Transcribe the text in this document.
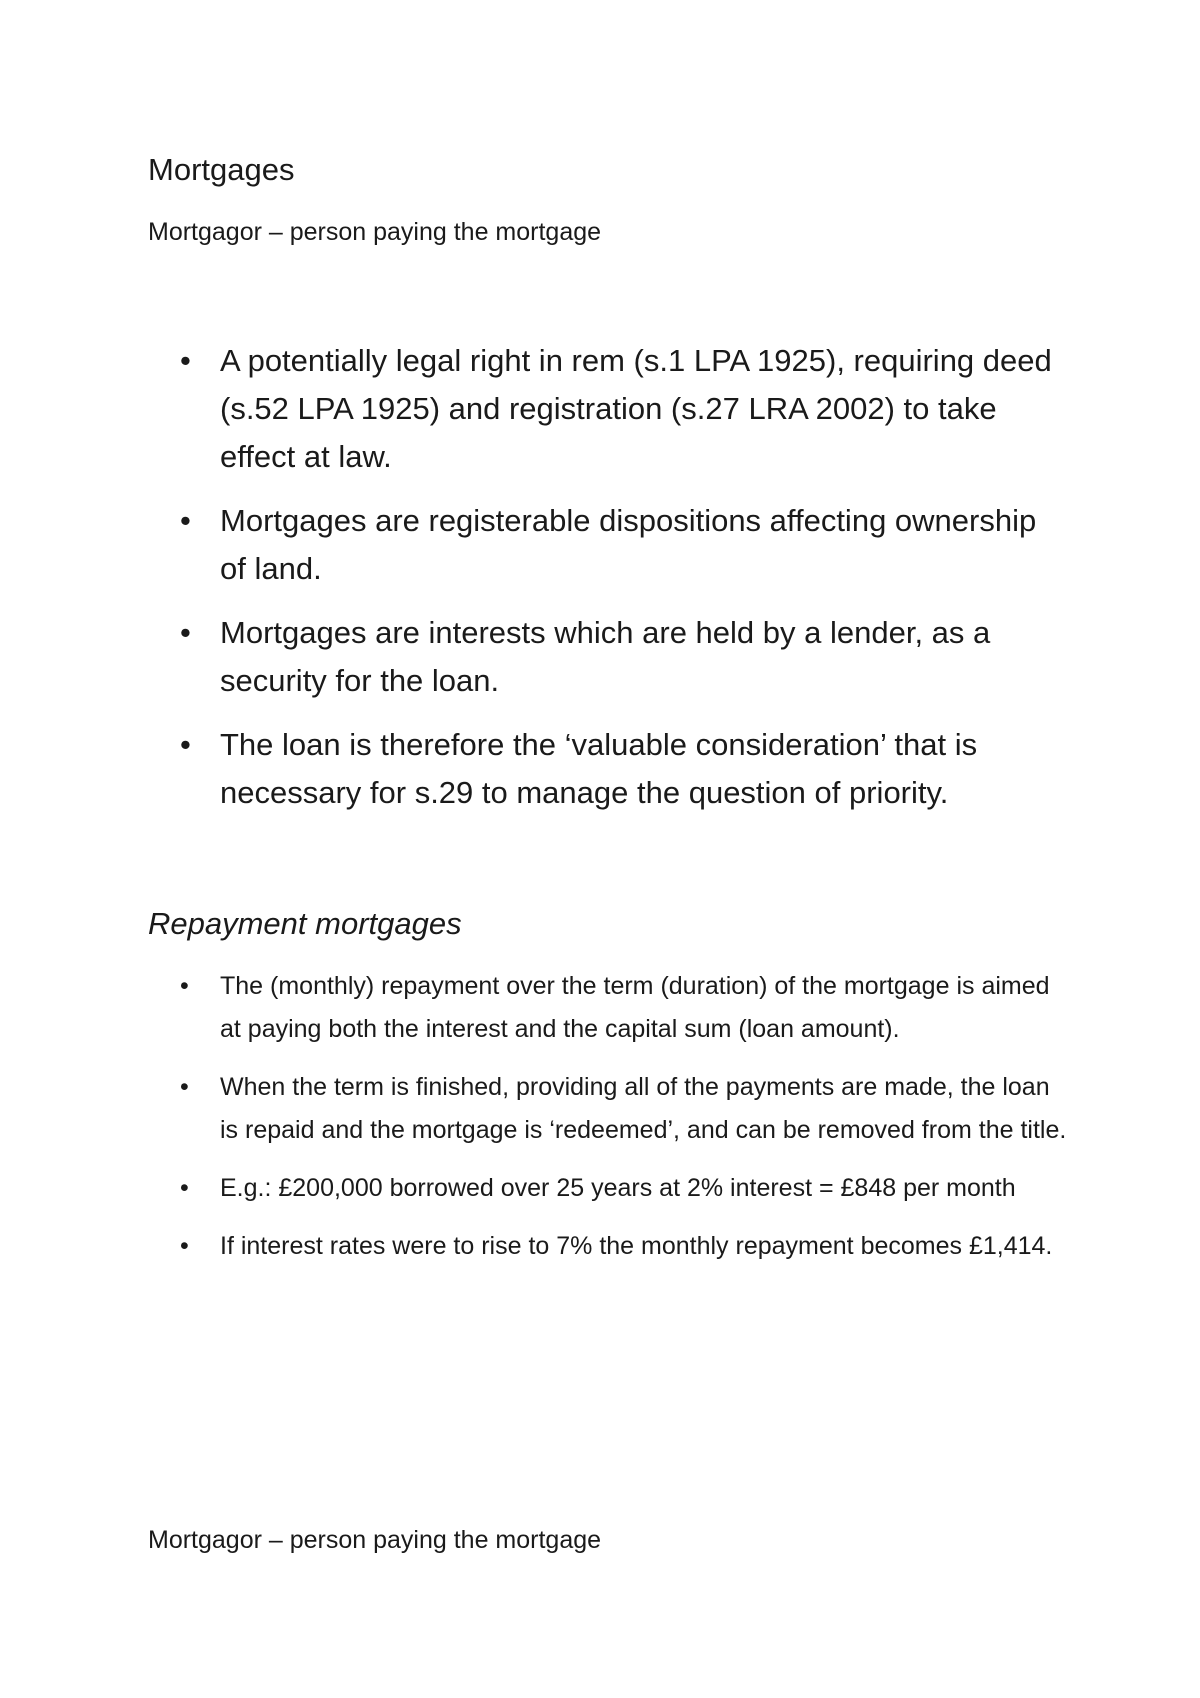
Mortgages

Mortgagor – person paying the mortgage

• A potentially legal right in rem (s.1 LPA 1925), requiring deed (s.52 LPA 1925) and registration (s.27 LRA 2002) to take effect at law.
• Mortgages are registerable dispositions affecting ownership of land.
• Mortgages are interests which are held by a lender, as a security for the loan.
• The loan is therefore the ‘valuable consideration’ that is necessary for s.29 to manage the question of priority.
Repayment mortgages
• The (monthly) repayment over the term (duration) of the mortgage is aimed at paying both the interest and the capital sum (loan amount).
• When the term is finished, providing all of the payments are made, the loan is repaid and the mortgage is ‘redeemed’, and can be removed from the title.
• E.g.: £200,000 borrowed over 25 years at 2% interest = £848 per month
• If interest rates were to rise to 7% the monthly repayment becomes £1,414.

Mortgagor – person paying the mortgage
